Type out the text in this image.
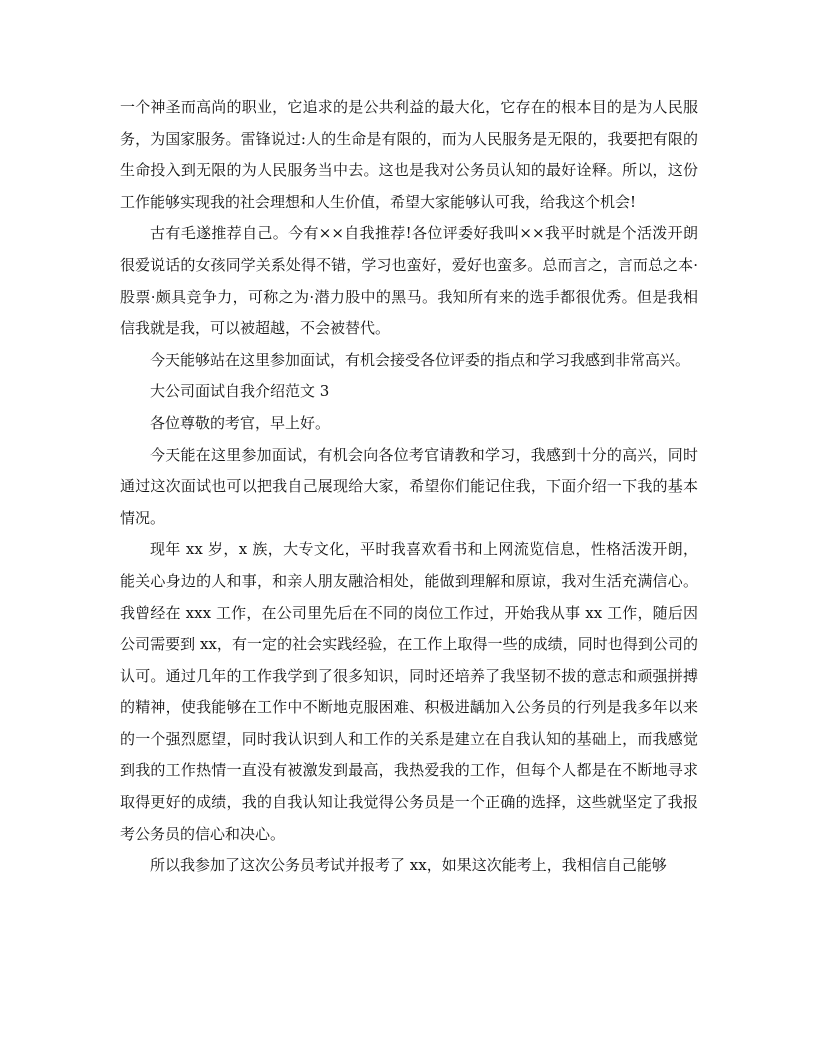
一个神圣而高尚的职业，它追求的是公共利益的最大化，它存在的根本目的是为人民服务，为国家服务。雷锋说过:人的生命是有限的，而为人民服务是无限的，我要把有限的生命投入到无限的为人民服务当中去。这也是我对公务员认知的最好诠释。所以，这份工作能够实现我的社会理想和人生价值，希望大家能够认可我，给我这个机会!

古有毛遂推荐自己。今有××自我推荐!各位评委好我叫××我平时就是个活泼开朗很爱说话的女孩同学关系处得不错，学习也蛮好，爱好也蛮多。总而言之，言而总之本·股票·颇具竞争力，可称之为·潜力股中的黑马。我知所有来的选手都很优秀。但是我相信我就是我，可以被超越，不会被替代。

今天能够站在这里参加面试，有机会接受各位评委的指点和学习我感到非常高兴。

大公司面试自我介绍范文 3

各位尊敬的考官，早上好。

今天能在这里参加面试，有机会向各位考官请教和学习，我感到十分的高兴，同时通过这次面试也可以把我自己展现给大家，希望你们能记住我，下面介绍一下我的基本情况。

现年 xx 岁，x 族，大专文化，平时我喜欢看书和上网流览信息，性格活泼开朗，能关心身边的人和事，和亲人朋友融洽相处，能做到理解和原谅，我对生活充满信心。我曾经在 xxx 工作，在公司里先后在不同的岗位工作过，开始我从事 xx 工作，随后因公司需要到 xx，有一定的社会实践经验，在工作上取得一些的成绩，同时也得到公司的认可。通过几年的工作我学到了很多知识，同时还培养了我坚韧不拔的意志和顽强拼搏的精神，使我能够在工作中不断地克服困难、积极进龋加入公务员的行列是我多年以来的一个强烈愿望，同时我认识到人和工作的关系是建立在自我认知的基础上，而我感觉到我的工作热情一直没有被激发到最高，我热爱我的工作，但每个人都是在不断地寻求取得更好的成绩，我的自我认知让我觉得公务员是一个正确的选择，这些就坚定了我报考公务员的信心和决心。

所以我参加了这次公务员考试并报考了 xx，如果这次能考上，我相信自己能够
